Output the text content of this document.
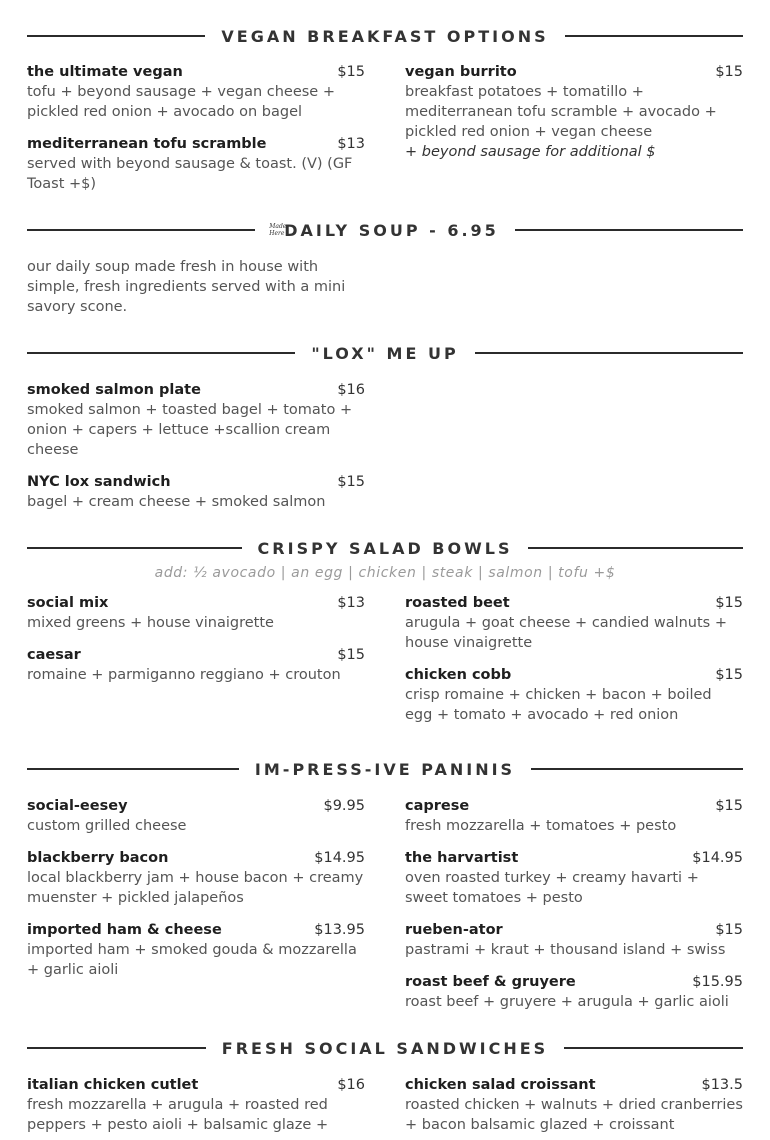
VEGAN BREAKFAST OPTIONS
the ultimate vegan	$15
tofu + beyond sausage + vegan cheese + pickled red onion + avocado on bagel
mediterranean tofu scramble	$13
served with beyond sausage & toast. (V) (GF Toast +$)
vegan burrito	$15
breakfast potatoes + tomatillo + mediterranean tofu scramble + avocado + pickled red onion + vegan cheese
+ beyond sausage for additional $
Made Here DAILY SOUP - 6.95
our daily soup made fresh in house with simple, fresh ingredients served with a mini savory scone.
"LOX" ME UP
smoked salmon plate	$16
smoked salmon + toasted bagel + tomato + onion + capers + lettuce +scallion cream cheese
NYC lox sandwich	$15
bagel + cream cheese + smoked salmon
CRISPY SALAD BOWLS
add: ½ avocado | an egg | chicken | steak | salmon | tofu +$
social mix	$13
mixed greens + house vinaigrette
caesar	$15
romaine + parmiganno reggiano + crouton
roasted beet	$15
arugula + goat cheese + candied walnuts + house vinaigrette
chicken cobb	$15
crisp romaine + chicken + bacon + boiled egg + tomato + avocado + red onion
IM-PRESS-IVE PANINIS
social-eesey	$9.95
custom grilled cheese
blackberry bacon	$14.95
local blackberry jam + house bacon + creamy muenster + pickled jalapeños
imported ham & cheese	$13.95
imported ham + smoked gouda & mozzarella + garlic aioli
caprese	$15
fresh mozzarella + tomatoes + pesto
the harvartist	$14.95
oven roasted turkey + creamy havarti + sweet tomatoes + pesto
rueben-ator	$15
pastrami + kraut + thousand island + swiss
roast beef & gruyere	$15.95
roast beef + gruyere + arugula + garlic aioli
FRESH SOCIAL SANDWICHES
italian chicken cutlet	$16
fresh mozzarella + arugula + roasted red peppers + pesto aioli + balsamic glaze +
chicken salad croissant	$13.5
roasted chicken + walnuts + dried cranberries + bacon balsamic glazed + croissant
